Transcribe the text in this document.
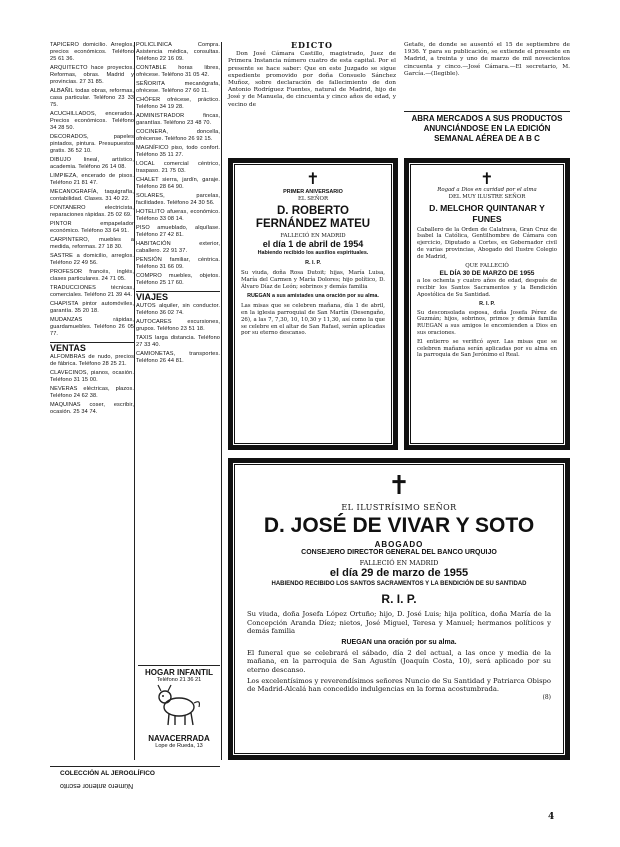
TAPICERO domicilio. Arreglos, precios económicos. Teléfono 25 61 36.
ARQUITECTO hace proyectos. Reformas, obras. Madrid y provincias. 27 31 85.
ALBAÑIL todas obras, reformas, casa particular. Teléfono 23 33 75.
ACUCHILLADOS, encerados. Precios económicos. Teléfono 34 28 50.
DECORADOS, papeles pintados, pintura. Presupuestos gratis. 36 52 10.
DIBUJO lineal, artístico, academia. Teléfono 26 14 08.
LIMPIEZA, encerado de pisos. Teléfono 21 81 47.
MECANOGRAFÍA, taquigrafía, contabilidad. Clases. 31 40 22.
FONTANERO electricista, reparaciones rápidas. 25 02 69.
PINTOR empapelador económico. Teléfono 33 64 91.
CARPINTERO, muebles a medida, reformas. 27 18 30.
SASTRE a domicilio, arreglos. Teléfono 22 49 56.
PROFESOR francés, inglés, clases particulares. 24 71 05.
TRADUCCIONES técnicas, comerciales. Teléfono 21 39 44.
CHAPISTA pintor automóviles, garantía. 35 20 18.
MUDANZAS rápidas, guardamuebles. Teléfono 26 05 77.
VENTAS
ALFOMBRAS de nudo, precios de fábrica. Teléfono 28 25 21.
CLAVECINOS, pianos, ocasión. Teléfono 31 15 00.
NEVERAS eléctricas, plazos. Teléfono 24 62 38.
MAQUINAS coser, escribir, ocasión. 25 34 74.
POLICLÍNICA Compra. Asistencia médica, consultas. Teléfono 22 16 09.
CONTABLE horas libres, ofrécese. Teléfono 31 05 42.
SEÑORITA mecanógrafa, ofrécese. Teléfono 27 60 11.
CHÓFER ofrécese, práctico. Teléfono 34 19 28.
ADMINISTRADOR fincas, garantías. Teléfono 23 48 70.
COCINERA, doncella, ofrécense. Teléfono 26 92 15.
MAGNÍFICO piso, todo confort. Teléfono 35 11 27.
LOCAL comercial céntrico, traspaso. 21 75 03.
CHALET sierra, jardín, garaje. Teléfono 28 64 90.
SOLARES, parcelas, facilidades. Teléfono 24 30 56.
HOTELITO afueras, económico. Teléfono 33 08 14.
PISO amueblado, alquílase. Teléfono 27 42 81.
HABITACIÓN exterior, caballero. 22 91 37.
PENSIÓN familiar, céntrica. Teléfono 31 66 09.
COMPRO muebles, objetos. Teléfono 25 17 60.
VIAJES
AUTOS alquiler, sin conductor. Teléfono 36 02 74.
AUTOCARES excursiones, grupos. Teléfono 23 51 18.
TAXIS larga distancia. Teléfono 27 33 40.
CAMIONETAS, transportes. Teléfono 26 44 81.
HOGAR INFANTIL
Teléfono 21 36 21
NAVACERRADA
Lope de Rueda, 13
EDICTO

Don José Cámara Castillo, magistrado, Juez de Primera Instancia número cuatro de esta capital. Por el presente se hace saber: Que en este Juzgado se sigue expediente promovido por doña Consuelo Sánchez Muñoz, sobre declaración de fallecimiento de don Antonio Rodríguez Fuentes, natural de Madrid, hijo de José y de Manuela, de cincuenta y cinco años de edad, y vecino de

Getafe, de donde se ausentó el 15 de septiembre de 1936. Y para su publicación, se extiende el presente en Madrid, a treinta y uno de marzo de mil novecientos cincuenta y cinco.—José Cámara.—El secretario, M. García.—(Ilegible).

ABRA MERCADOS A SUS PRODUCTOS ANUNCIÁNDOSE EN LA EDICIÓN SEMANAL AÉREA DE A B C
✝
PRIMER ANIVERSARIO
EL SEÑOR
D. ROBERTO FERNÁNDEZ MATEU
FALLECIÓ EN MADRID
el día 1 de abril de 1954
Habiendo recibido los auxilios espirituales.
R. I. P.
Su viuda, doña Rosa Dutoit; hijas, María Luisa, María del Carmen y María Dolores; hijo político, D. Álvaro Díaz de León; sobrinos y demás familia
RUEGAN a sus amistades una oración por su alma.
Las misas que se celebren mañana, día 1 de abril, en la iglesia parroquial de San Martín (Desengaño, 26), a las 7, 7,30, 10, 10,30 y 11,30, así como la que se celebre en el altar de San Rafael, serán aplicadas por su eterno descanso.
✝
Rogad a Dios en caridad por el alma
DEL MUY ILUSTRE SEÑOR
D. MELCHOR QUINTANAR Y FUNES
Caballero de la Orden de Calatrava, Gran Cruz de Isabel la Católica, Gentilhombre de Cámara con ejercicio, Diputado a Cortes, ex Gobernador civil de varias provincias, Abogado del Ilustre Colegio de Madrid,
QUE FALLECIÓ
EL DÍA 30 DE MARZO DE 1955
a los ochenta y cuatro años de edad, después de recibir los Santos Sacramentos y la Bendición Apostólica de Su Santidad.
R. I. P.
Su desconsolada esposa, doña Josefa Pérez de Guzmán; hijos, sobrinos, primos y demás familia RUEGAN a sus amigos le encomienden a Dios en sus oraciones.
El entierro se verificó ayer. Las misas que se celebren mañana serán aplicadas por su alma en la parroquia de San Jerónimo el Real.
✝
EL ILUSTRÍSIMO SEÑOR
D. JOSÉ DE VIVAR Y SOTO
ABOGADO
CONSEJERO DIRECTOR GENERAL DEL BANCO URQUIJO
FALLECIÓ EN MADRID
el día 29 de marzo de 1955
HABIENDO RECIBIDO LOS SANTOS SACRAMENTOS Y LA BENDICIÓN DE SU SANTIDAD
R. I. P.
Su viuda, doña Josefa López Ortuño; hijo, D. José Luis; hija política, doña María de la Concepción Aranda Díez; nietos, José Miguel, Teresa y Manuel; hermanos políticos y demás familia
RUEGAN una oración por su alma.
El funeral que se celebrará el sábado, día 2 del actual, a las once y media de la mañana, en la parroquia de San Agustín (Joaquín Costa, 10), será aplicado por su eterno descanso.
Los excelentísimos y reverendísimos señores Nuncio de Su Santidad y Patriarca Obispo de Madrid-Alcalá han concedido indulgencias en la forma acostumbrada.
(8)
COLECCIÓN AL JEROGLÍFICO
Número anterior escrito
4
